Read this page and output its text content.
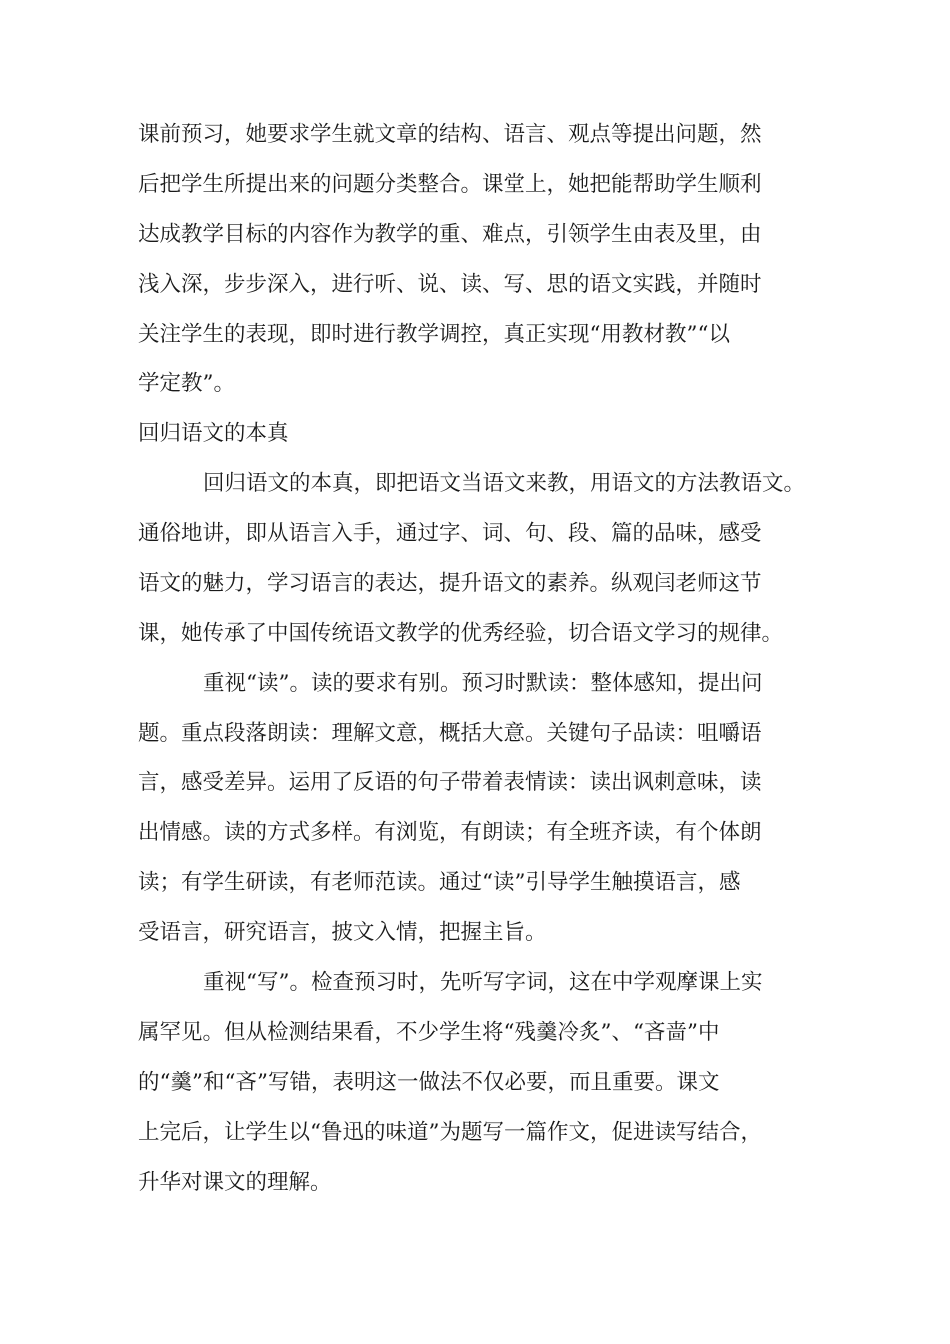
课前预习，她要求学生就文章的结构、语言、观点等提出问题，然
后把学生所提出来的问题分类整合。课堂上，她把能帮助学生顺利
达成教学目标的内容作为教学的重、难点，引领学生由表及里，由
浅入深，步步深入，进行听、说、读、写、思的语文实践，并随时
关注学生的表现，即时进行教学调控，真正实现“用教材教”“以
学定教”。
回归语文的本真
回归语文的本真，即把语文当语文来教，用语文的方法教语文。
通俗地讲，即从语言入手，通过字、词、句、段、篇的品味，感受
语文的魅力，学习语言的表达，提升语文的素养。纵观闫老师这节
课，她传承了中国传统语文教学的优秀经验，切合语文学习的规律。
重视“读”。读的要求有别。预习时默读：整体感知，提出问
题。重点段落朗读：理解文意，概括大意。关键句子品读：咀嚼语
言，感受差异。运用了反语的句子带着表情读：读出讽刺意味，读
出情感。读的方式多样。有浏览，有朗读；有全班齐读，有个体朗
读；有学生研读，有老师范读。通过“读”引导学生触摸语言，感
受语言，研究语言，披文入情，把握主旨。
重视“写”。检查预习时，先听写字词，这在中学观摩课上实
属罕见。但从检测结果看，不少学生将“残羹冷炙”、“吝啬”中
的“羹”和“吝”写错，表明这一做法不仅必要，而且重要。课文
上完后，让学生以“鲁迅的味道”为题写一篇作文，促进读写结合，
升华对课文的理解。
